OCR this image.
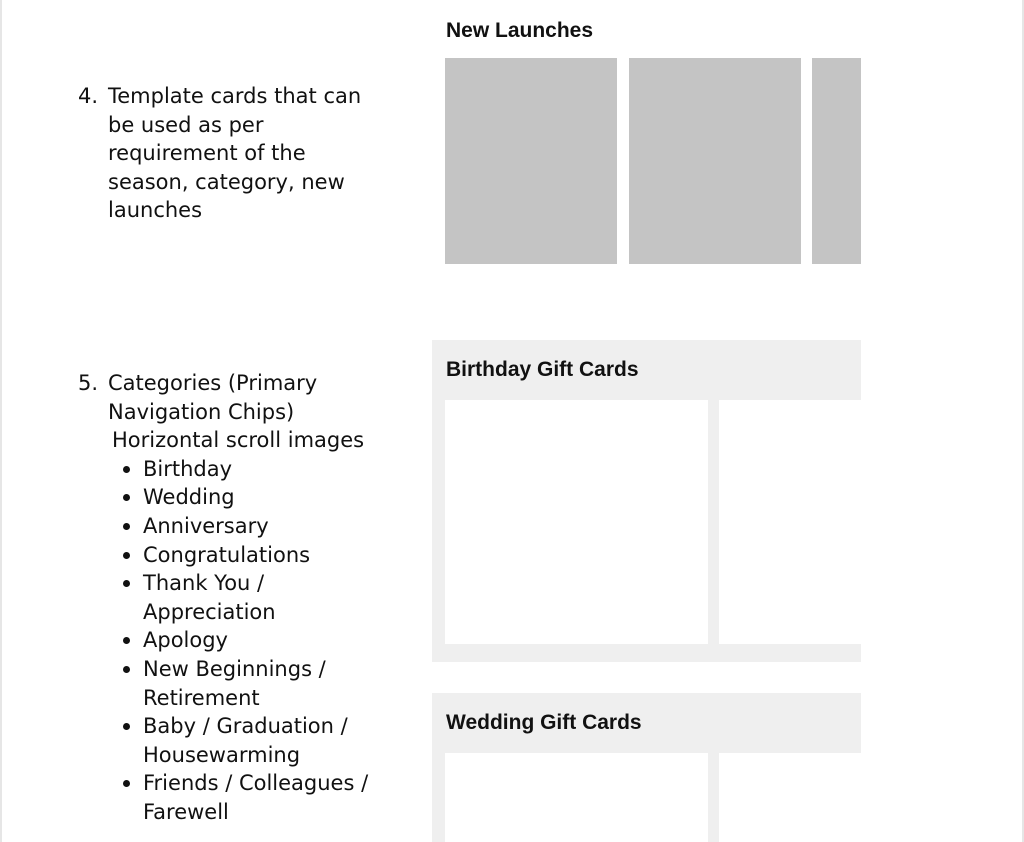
4. Template cards that can
be used as per
requirement of the
season, category, new
launches
5. Categories (Primary
Navigation Chips)
Horizontal scroll images
Birthday
Wedding
Anniversary
Congratulations
Thank You /
Appreciation
Apology
New Beginnings /
Retirement
Baby / Graduation /
Housewarming
Friends / Colleagues /
Farewell
New Launches
Birthday Gift Cards
Wedding Gift Cards
